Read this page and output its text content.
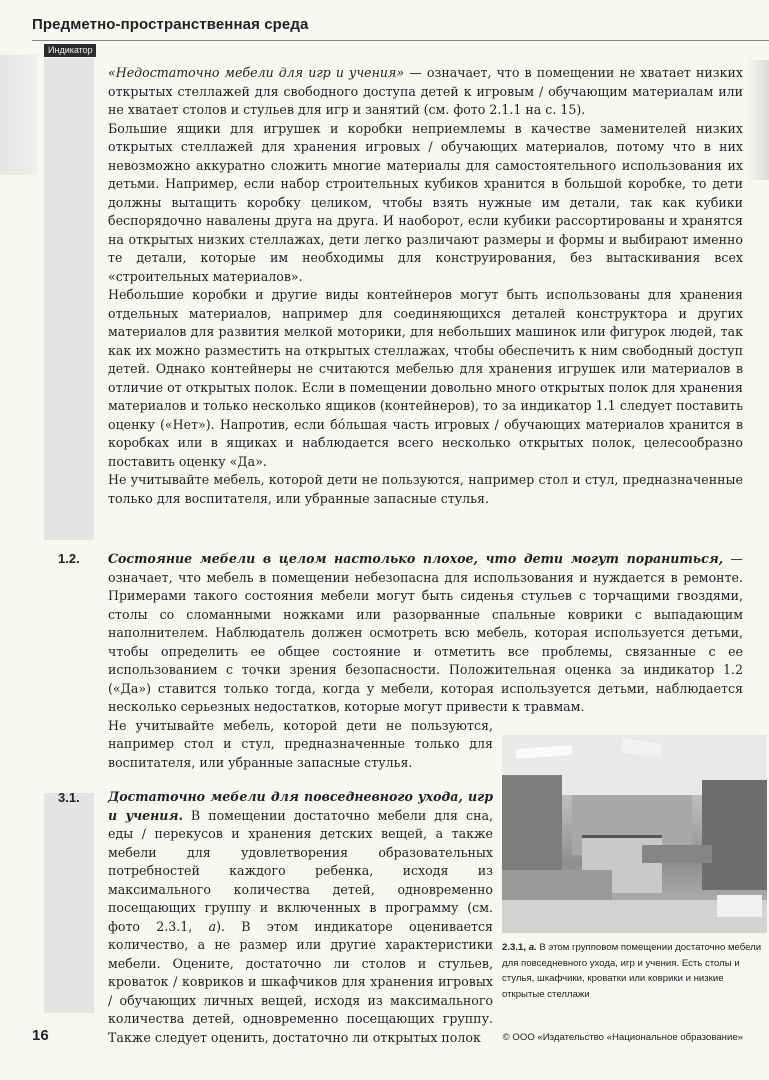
Предметно-пространственная среда
Индикатор

«Недостаточно мебели для игр и учения» — означает, что в помещении не хватает низких открытых стеллажей для свободного доступа детей к игровым / обучающим материалам или не хватает столов и стульев для игр и занятий (см. фото 2.1.1 на с. 15).

Большие ящики для игрушек и коробки неприемлемы в качестве заменителей низких открытых стеллажей для хранения игровых / обучающих материалов, потому что в них невозможно аккуратно сложить многие материалы для самостоятельного использования их детьми. Например, если набор строительных кубиков хранится в большой коробке, то дети должны вытащить коробку целиком, чтобы взять нужные им детали, так как кубики беспорядочно навалены друга на друга. И наоборот, если кубики рассортированы и хранятся на открытых низких стеллажах, дети легко различают размеры и формы и выбирают именно те детали, которые им необходимы для конструирования, без вытаскивания всех «строительных материалов».

Небольшие коробки и другие виды контейнеров могут быть использованы для хранения отдельных материалов, например для соединяющихся деталей конструктора и других материалов для развития мелкой моторики, для небольших машинок или фигурок людей, так как их можно разместить на открытых стеллажах, чтобы обеспечить к ним свободный доступ детей. Однако контейнеры не считаются мебелью для хранения игрушек или материалов в отличие от открытых полок. Если в помещении довольно много открытых полок для хранения материалов и только несколько ящиков (контейнеров), то за индикатор 1.1 следует поставить оценку («Нет»). Напротив, если бóльшая часть игровых / обучающих материалов хранится в коробках или в ящиках и наблюдается всего несколько открытых полок, целесообразно поставить оценку «Да».

Не учитывайте мебель, которой дети не пользуются, например стол и стул, предназначенные только для воспитателя, или убранные запасные стулья.

1.2. Состояние мебели в целом настолько плохое, что дети могут пораниться, — означает, что мебель в помещении небезопасна для использования и нуждается в ремонте. Примерами такого состояния мебели могут быть сиденья стульев с торчащими гвоздями, столы со сломанными ножками или разорванные спальные коврики с выпадающим наполнителем. Наблюдатель должен осмотреть всю мебель, которая используется детьми, чтобы определить ее общее состояние и отметить все проблемы, связанные с ее использованием с точки зрения безопасности. Положительная оценка за индикатор 1.2 («Да») ставится только тогда, когда у мебели, которая используется детьми, наблюдается несколько серьезных недостатков, которые могут привести к травмам.

Не учитывайте мебель, которой дети не пользуются, например стол и стул, предназначенные только для воспитателя, или убранные запасные стулья.

3.1. Достаточно мебели для повседневного ухода, игр и учения. В помещении достаточно мебели для сна, еды / перекусов и хранения детских вещей, а также мебели для удовлетворения образовательных потребностей каждого ребенка, исходя из максимального количества детей, одновременно посещающих группу и включенных в программу (см. фото 2.3.1, а). В этом индикаторе оценивается количество, а не размер или другие характеристики мебели. Оцените, достаточно ли столов и стульев, кроваток / ковриков и шкафчиков для хранения игровых / обучающих личных вещей, исходя из максимального количества детей, одновременно посещающих группу. Также следует оценить, достаточно ли открытых полок

2.3.1, а. В этом групповом помещении достаточно мебели для повседневного ухода, игр и учения. Есть столы и стулья, шкафчики, кроватки или коврики и низкие открытые стеллажи
16	© ООО «Издательство «Национальное образование»
